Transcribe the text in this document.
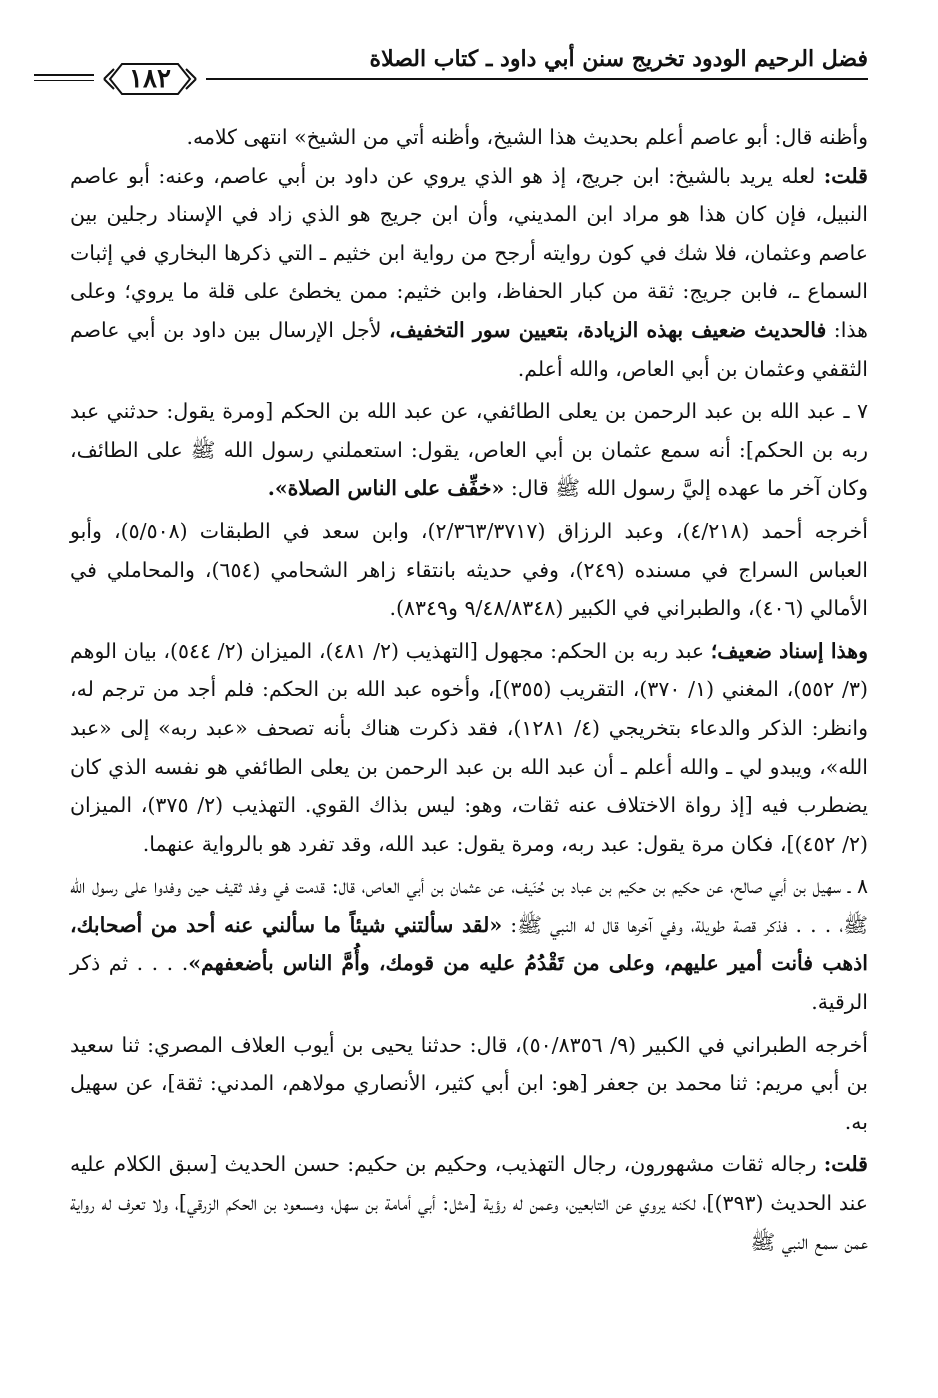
فضل الرحيم الودود تخريج سنن أبي داود ـ كتاب الصلاة
١٨٢

وأظنه قال: أبو عاصم أعلم بحديث هذا الشيخ، وأظنه أتي من الشيخ» انتهى كلامه.

قلت: لعله يريد بالشيخ: ابن جريج، إذ هو الذي يروي عن داود بن أبي عاصم، وعنه: أبو عاصم النبيل، فإن كان هذا هو مراد ابن المديني، وأن ابن جريج هو الذي زاد في الإسناد رجلين بين عاصم وعثمان، فلا شك في كون روايته أرجح من رواية ابن خثيم ـ التي ذكرها البخاري في إثبات السماع ـ، فابن جريج: ثقة من كبار الحفاظ، وابن خثيم: ممن يخطئ على قلة ما يروي؛ وعلى هذا: فالحديث ضعيف بهذه الزيادة، بتعيين سور التخفيف، لأجل الإرسال بين داود بن أبي عاصم الثقفي وعثمان بن أبي العاص، والله أعلم.

٧ ـ عبد الله بن عبد الرحمن بن يعلى الطائفي، عن عبد الله بن الحكم [ومرة يقول: حدثني عبد ربه بن الحكم]: أنه سمع عثمان بن أبي العاص، يقول: استعملني رسول الله ﷺ على الطائف، وكان آخر ما عهده إليَّ رسول الله ﷺ قال: «خفِّف على الناس الصلاة».

أخرجه أحمد (٤/٢١٨)، وعبد الرزاق (٢/٣٦٣/٣٧١٧)، وابن سعد في الطبقات (٥/٥٠٨)، وأبو العباس السراج في مسنده (٢٤٩)، وفي حديثه بانتقاء زاهر الشحامي (٦٥٤)، والمحاملي في الأمالي (٤٠٦)، والطبراني في الكبير (٩/٤٨/٨٣٤٨ و٨٣٤٩).

وهذا إسناد ضعيف؛ عبد ربه بن الحكم: مجهول [التهذيب (٢/ ٤٨١)، الميزان (٢/ ٥٤٤)، بيان الوهم (٣/ ٥٥٢)، المغني (١/ ٣٧٠)، التقريب (٣٥٥)]، وأخوه عبد الله بن الحكم: فلم أجد من ترجم له، وانظر: الذكر والدعاء بتخريجي (٤/ ١٢٨١)، فقد ذكرت هناك بأنه تصحف «عبد ربه» إلى «عبد الله»، ويبدو لي ـ والله أعلم ـ أن عبد الله بن عبد الرحمن بن يعلى الطائفي هو نفسه الذي كان يضطرب فيه [إذ رواة الاختلاف عنه ثقات، وهو: ليس بذاك القوي. التهذيب (٢/ ٣٧٥)، الميزان (٢/ ٤٥٢)]، فكان مرة يقول: عبد ربه، ومرة يقول: عبد الله، وقد تفرد هو بالرواية عنهما.

٨ ـ سهيل بن أبي صالح، عن حكيم بن حكيم بن عباد بن حُنَيف، عن عثمان بن أبي العاص، قال: قدمت في وفد ثقيف حين وفدوا على رسول الله ﷺ، . . . فذكر قصة طويلة، وفي آخرها قال له النبي ﷺ: «لقد سألتني شيئاً ما سألني عنه أحد من أصحابك، اذهب فأنت أمير عليهم، وعلى من تَقْدُمُ عليه من قومك، وأُمَّ الناس بأضعفهم». . . . ثم ذكر الرقية.

أخرجه الطبراني في الكبير (٩/ ٥٠/٨٣٥٦)، قال: حدثنا يحيى بن أيوب العلاف المصري: ثنا سعيد بن أبي مريم: ثنا محمد بن جعفر [هو: ابن أبي كثير، الأنصاري مولاهم، المدني: ثقة]، عن سهيل به.

قلت: رجاله ثقات مشهورون، رجال التهذيب، وحكيم بن حكيم: حسن الحديث [سبق الكلام عليه عند الحديث (٣٩٣)]، لكنه يروي عن التابعين، وعمن له رؤية [مثل: أبي أمامة بن سهل، ومسعود بن الحكم الزرقي]، ولا تعرف له رواية عمن سمع النبي ﷺ
